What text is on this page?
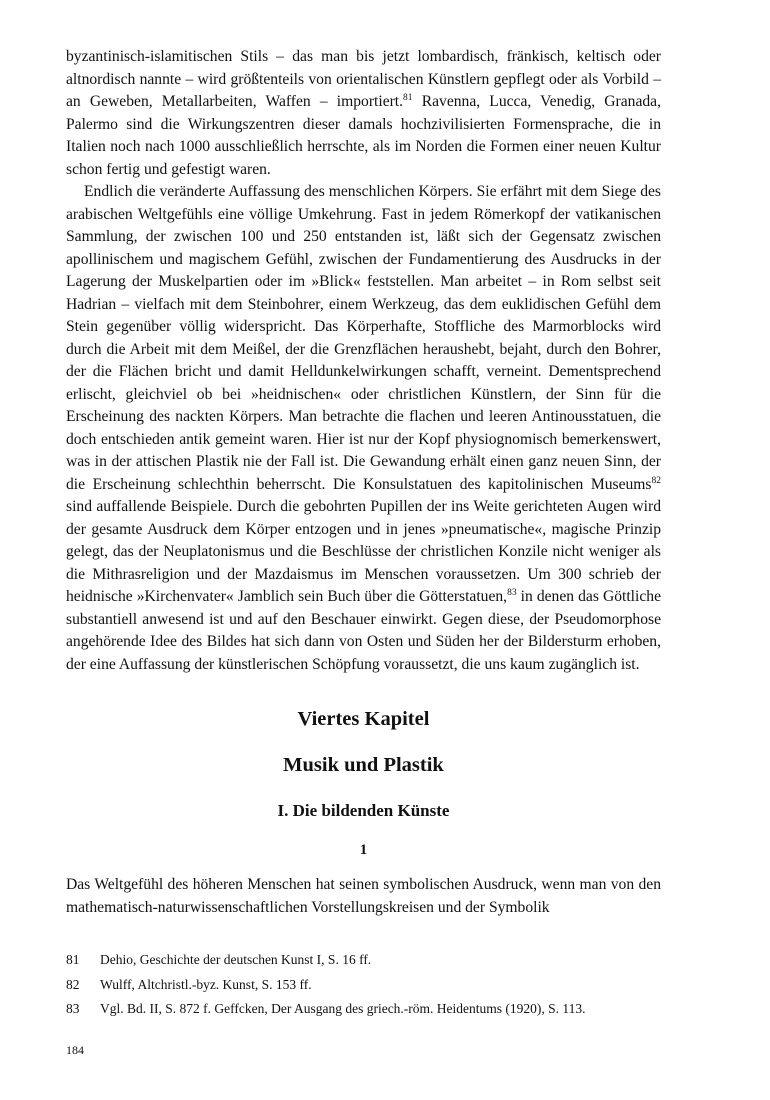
byzantinisch-islamitischen Stils – das man bis jetzt lombardisch, fränkisch, keltisch oder altnordisch nannte – wird größtenteils von orientalischen Künstlern gepflegt oder als Vorbild – an Geweben, Metallarbeiten, Waffen – importiert.$^{81}$ Ravenna, Lucca, Venedig, Granada, Palermo sind die Wirkungszentren dieser damals hochzivilisierten Formensprache, die in Italien noch nach 1000 ausschließlich herrschte, als im Norden die Formen einer neuen Kultur schon fertig und gefestigt waren.

Endlich die veränderte Auffassung des menschlichen Körpers. Sie erfährt mit dem Siege des arabischen Weltgefühls eine völlige Umkehrung. Fast in jedem Römerkopf der vatikanischen Sammlung, der zwischen 100 und 250 entstanden ist, läßt sich der Gegensatz zwischen apollinischem und magischem Gefühl, zwischen der Fundamentierung des Ausdrucks in der Lagerung der Muskelpartien oder im »Blick« feststellen. Man arbeitet – in Rom selbst seit Hadrian – vielfach mit dem Steinbohrer, einem Werkzeug, das dem euklidischen Gefühl dem Stein gegenüber völlig widerspricht. Das Körperhafte, Stoffliche des Marmorblocks wird durch die Arbeit mit dem Meißel, der die Grenzflächen heraushebt, bejaht, durch den Bohrer, der die Flächen bricht und damit Helldunkelwirkungen schafft, verneint. Dementsprechend erlischt, gleichviel ob bei »heidnischen« oder christlichen Künstlern, der Sinn für die Erscheinung des nackten Körpers. Man betrachte die flachen und leeren Antinousstatuen, die doch entschieden antik gemeint waren. Hier ist nur der Kopf physiognomisch bemerkenswert, was in der attischen Plastik nie der Fall ist. Die Gewandung erhält einen ganz neuen Sinn, der die Erscheinung schlechthin beherrscht. Die Konsulstatuen des kapitolinischen Museums$^{82}$ sind auffallende Beispiele. Durch die gebohrten Pupillen der ins Weite gerichteten Augen wird der gesamte Ausdruck dem Körper entzogen und in jenes »pneumatische«, magische Prinzip gelegt, das der Neuplatonismus und die Beschlüsse der christlichen Konzile nicht weniger als die Mithrasreligion und der Mazdaismus im Menschen voraussetzen. Um 300 schrieb der heidnische »Kirchenvater« Jamblich sein Buch über die Götterstatuen,$^{83}$ in denen das Göttliche substantiell anwesend ist und auf den Beschauer einwirkt. Gegen diese, der Pseudomorphose angehörende Idee des Bildes hat sich dann von Osten und Süden her der Bildersturm erhoben, der eine Auffassung der künstlerischen Schöpfung voraussetzt, die uns kaum zugänglich ist.

Viertes Kapitel
Musik und Plastik
I. Die bildenden Künste
1

Das Weltgefühl des höheren Menschen hat seinen symbolischen Ausdruck, wenn man von den mathematisch-naturwissenschaftlichen Vorstellungskreisen und der Symbolik

81	Dehio, Geschichte der deutschen Kunst I, S. 16 ff.
82	Wulff, Altchristl.-byz. Kunst, S. 153 ff.
83	Vgl. Bd. II, S. 872 f. Geffcken, Der Ausgang des griech.-röm. Heidentums (1920), S. 113.
184
